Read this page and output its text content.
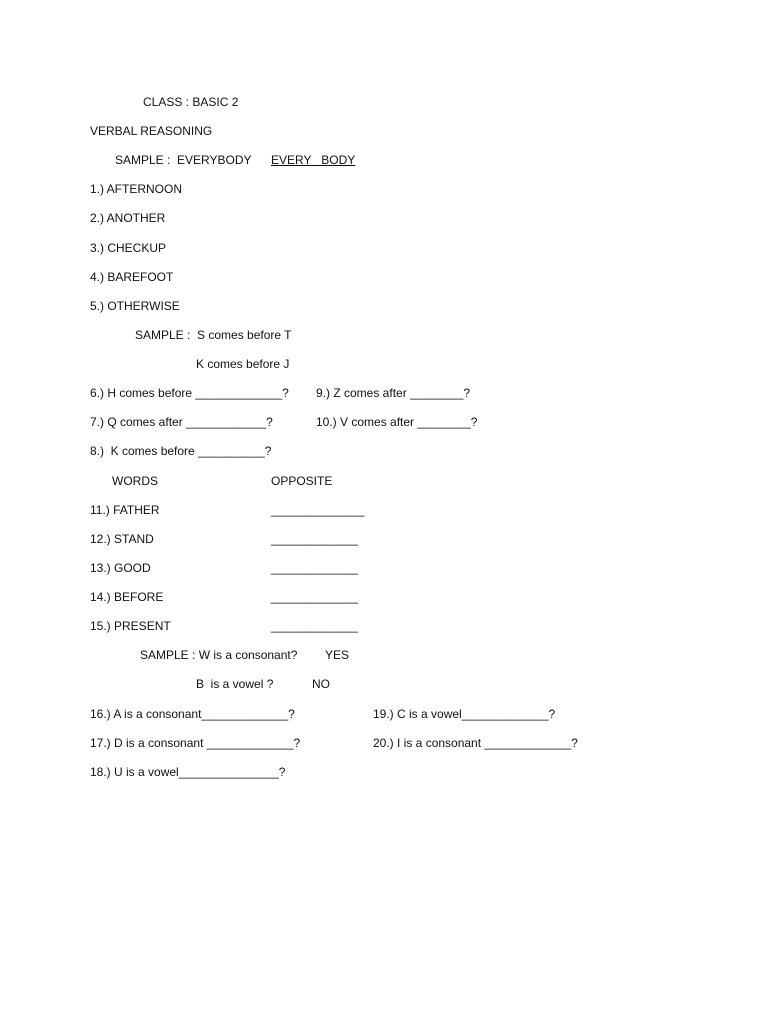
CLASS : BASIC 2

VERBAL REASONING

SAMPLE :  EVERYBODY EVERY   BODY

1.) AFTERNOON

2.) ANOTHER

3.) CHECKUP

4.) BAREFOOT

5.) OTHERWISE

SAMPLE :  S comes before T

K comes before J

6.) H comes before _____________? 9.) Z comes after ________?

7.) Q comes after ____________?	10.) V comes after ________?

8.)  K comes before __________?

WORDS	OPPOSITE

11.) FATHER	______________

12.) STAND	_____________

13.) GOOD	_____________

14.) BEFORE	_____________

15.) PRESENT	_____________

SAMPLE : W is a consonant? YES

B  is a vowel ?	NO

16.) A is a consonant_____________?	19.) C is a vowel_____________?

17.) D is a consonant _____________?	20.) I is a consonant _____________?

18.) U is a vowel_______________?
